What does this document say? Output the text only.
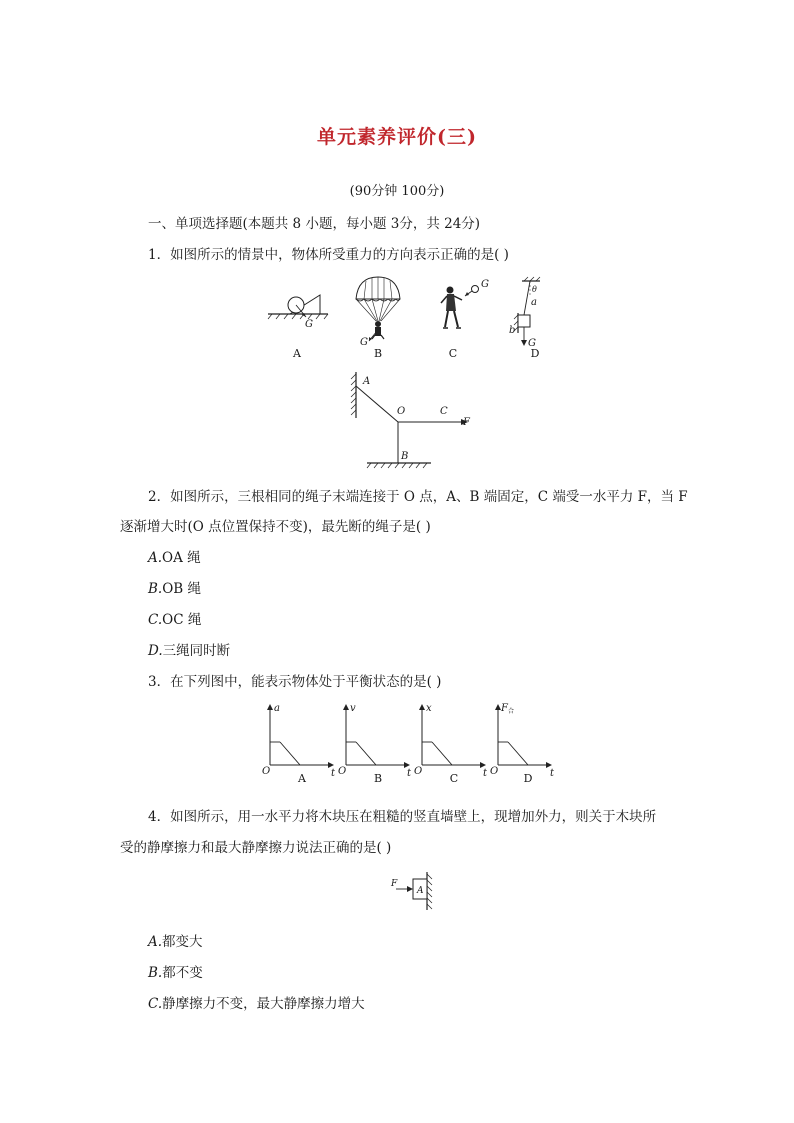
单元素养评价(三)
(90分钟 100分)
一、单项选择题(本题共 8 小题，每小题 3分，共 24分)
1．如图所示的情景中，物体所受重力的方向表示正确的是( )
G
G
G
G
a
b
θ
A	B	C	D
A
O	C
F
B
2．如图所示，三根相同的绳子末端连接于 O 点，A、B 端固定，C 端受一水平力 F，当 F
逐渐增大时(O 点位置保持不变)，最先断的绳子是( )
A.OA 绳
B.OB 绳
C.OC 绳
D.三绳同时断
3．在下列图中，能表示物体处于平衡状态的是( )
a
O	t
A
v
O	t
B
x
O	t
C
F 合
O	t
D
4．如图所示，用一水平力将木块压在粗糙的竖直墙壁上，现增加外力，则关于木块所
受的静摩擦力和最大静摩擦力说法正确的是( )
F
A
A.都变大
B.都不变
C.静摩擦力不变，最大静摩擦力增大
